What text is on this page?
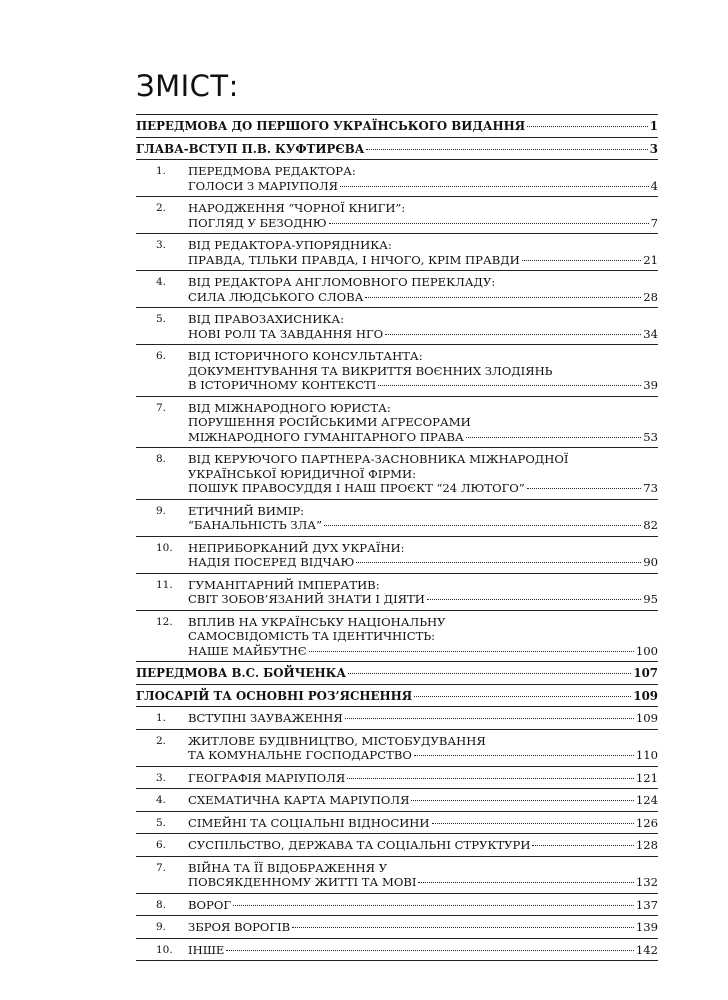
ЗМІСТ:
ПЕРЕДМОВА ДО ПЕРШОГО УКРАЇНСЬКОГО ВИДАННЯ	1
ГЛАВА-ВСТУП П.В. КУФТИРЄВА	3
1.	ПЕРЕДМОВА РЕДАКТОРА:
ГОЛОСИ З МАРІУПОЛЯ	4
2.	НАРОДЖЕННЯ “ЧОРНОЇ КНИГИ”:
ПОГЛЯД У БЕЗОДНЮ	7
3.	ВІД РЕДАКТОРА-УПОРЯДНИКА:
ПРАВДА, ТІЛЬКИ ПРАВДА, І НІЧОГО, КРІМ ПРАВДИ	21
4.	ВІД РЕДАКТОРА АНГЛОМОВНОГО ПЕРЕКЛАДУ:
СИЛА ЛЮДСЬКОГО СЛОВА	28
5.	ВІД ПРАВОЗАХИСНИКА:
НОВІ РОЛІ ТА ЗАВДАННЯ НГО	34
6.	ВІД ІСТОРИЧНОГО КОНСУЛЬТАНТА:
ДОКУМЕНТУВАННЯ ТА ВИКРИТТЯ ВОЄННИХ ЗЛОДІЯНЬ
В ІСТОРИЧНОМУ КОНТЕКСТІ	39
7.	ВІД МІЖНАРОДНОГО ЮРИСТА:
ПОРУШЕННЯ РОСІЙСЬКИМИ АГРЕСОРАМИ
МІЖНАРОДНОГО ГУМАНІТАРНОГО ПРАВА	53
8.	ВІД КЕРУЮЧОГО ПАРТНЕРА-ЗАСНОВНИКА МІЖНАРОДНОЇ
УКРАЇНСЬКОЇ ЮРИДИЧНОЇ ФІРМИ:
ПОШУК ПРАВОСУДДЯ І НАШ ПРОЄКТ “24 ЛЮТОГО”	73
9.	ЕТИЧНИЙ ВИМІР:
“БАНАЛЬНІСТЬ ЗЛА”	82
10.	НЕПРИБОРКАНИЙ ДУХ УКРАЇНИ:
НАДІЯ ПОСЕРЕД ВІДЧАЮ	90
11.	ГУМАНІТАРНИЙ ІМПЕРАТИВ:
СВІТ ЗОБОВ’ЯЗАНИЙ ЗНАТИ І ДІЯТИ	95
12.	ВПЛИВ НА УКРАЇНСЬКУ НАЦІОНАЛЬНУ
САМОСВІДОМІСТЬ ТА ІДЕНТИЧНІСТЬ:
НАШЕ МАЙБУТНЄ	100
ПЕРЕДМОВА В.С. БОЙЧЕНКА	107
ГЛОСАРІЙ ТА ОСНОВНІ РОЗ’ЯСНЕННЯ	109
1.	ВСТУПНІ ЗАУВАЖЕННЯ	109
2.	ЖИТЛОВЕ БУДІВНИЦТВО, МІСТОБУДУВАННЯ
ТА КОМУНАЛЬНЕ ГОСПОДАРСТВО	110
3.	ГЕОГРАФІЯ МАРІУПОЛЯ	121
4.	СХЕМАТИЧНА КАРТА МАРІУПОЛЯ	124
5.	СІМЕЙНІ ТА СОЦІАЛЬНІ ВІДНОСИНИ	126
6.	СУСПІЛЬСТВО, ДЕРЖАВА ТА СОЦІАЛЬНІ СТРУКТУРИ	128
7.	ВІЙНА ТА ЇЇ ВІДОБРАЖЕННЯ У
ПОВСЯКДЕННОМУ ЖИТТІ ТА МОВІ	132
8.	ВОРОГ	137
9.	ЗБРОЯ ВОРОГІВ	139
10.	ІНШЕ	142
